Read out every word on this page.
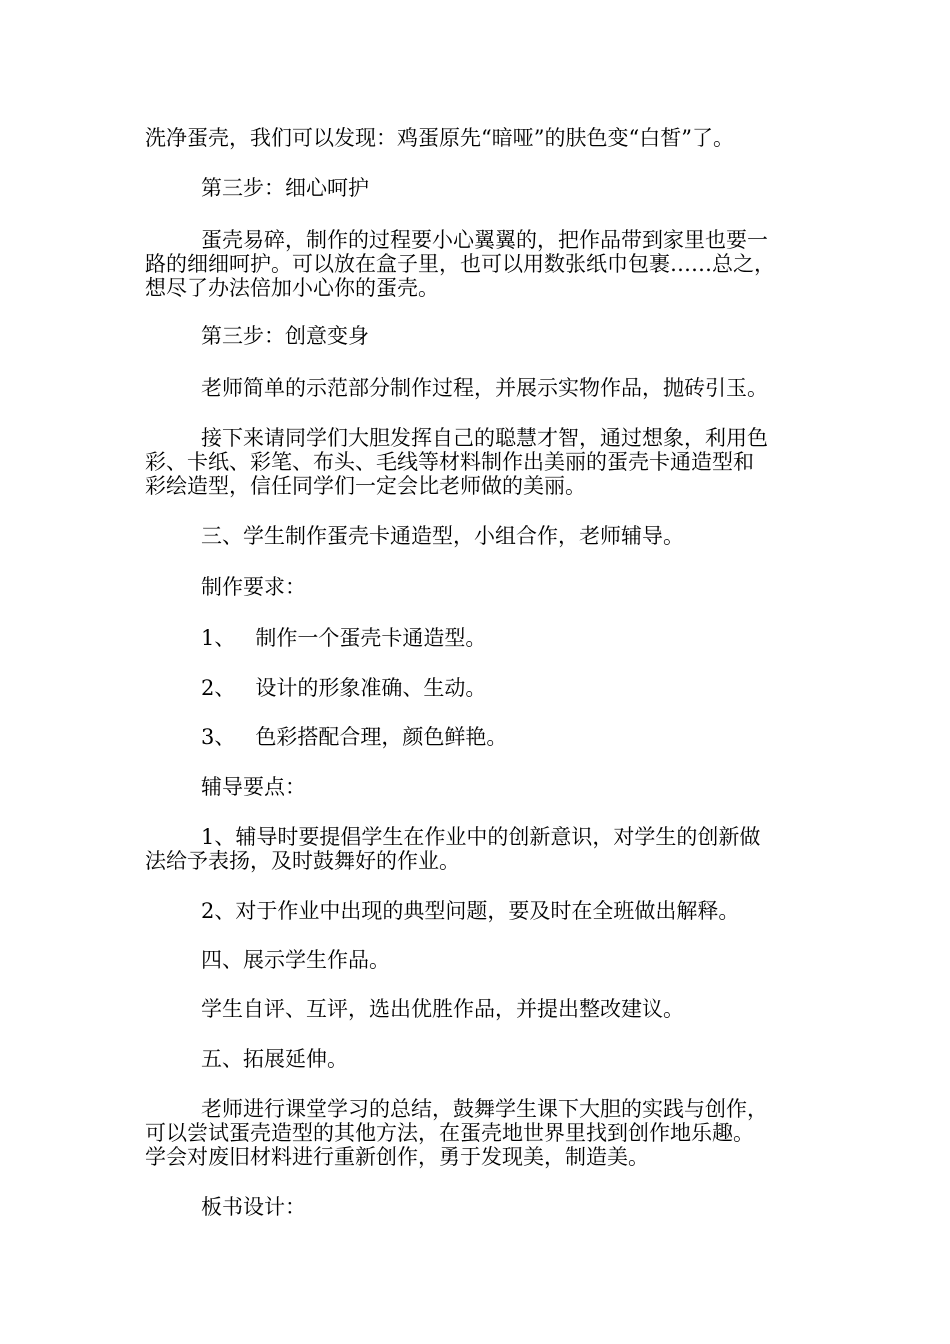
洗净蛋壳，我们可以发现：鸡蛋原先“暗哑”的肤色变“白皙”了。

第三步：细心呵护

蛋壳易碎，制作的过程要小心翼翼的，把作品带到家里也要一
路的细细呵护。可以放在盒子里，也可以用数张纸巾包裹……总之，
想尽了办法倍加小心你的蛋壳。

第三步：创意变身

老师简单的示范部分制作过程，并展示实物作品，抛砖引玉。

接下来请同学们大胆发挥自己的聪慧才智，通过想象，利用色
彩、卡纸、彩笔、布头、毛线等材料制作出美丽的蛋壳卡通造型和
彩绘造型，信任同学们一定会比老师做的美丽。

三、学生制作蛋壳卡通造型，小组合作，老师辅导。

制作要求：

1、 制作一个蛋壳卡通造型。

2、 设计的形象准确、生动。

3、 色彩搭配合理，颜色鲜艳。

辅导要点：

1、辅导时要提倡学生在作业中的创新意识，对学生的创新做
法给予表扬，及时鼓舞好的作业。

2、对于作业中出现的典型问题，要及时在全班做出解释。

四、展示学生作品。

学生自评、互评，选出优胜作品，并提出整改建议。

五、拓展延伸。

老师进行课堂学习的总结，鼓舞学生课下大胆的实践与创作，
可以尝试蛋壳造型的其他方法，在蛋壳地世界里找到创作地乐趣。
学会对废旧材料进行重新创作，勇于发现美，制造美。

板书设计：
